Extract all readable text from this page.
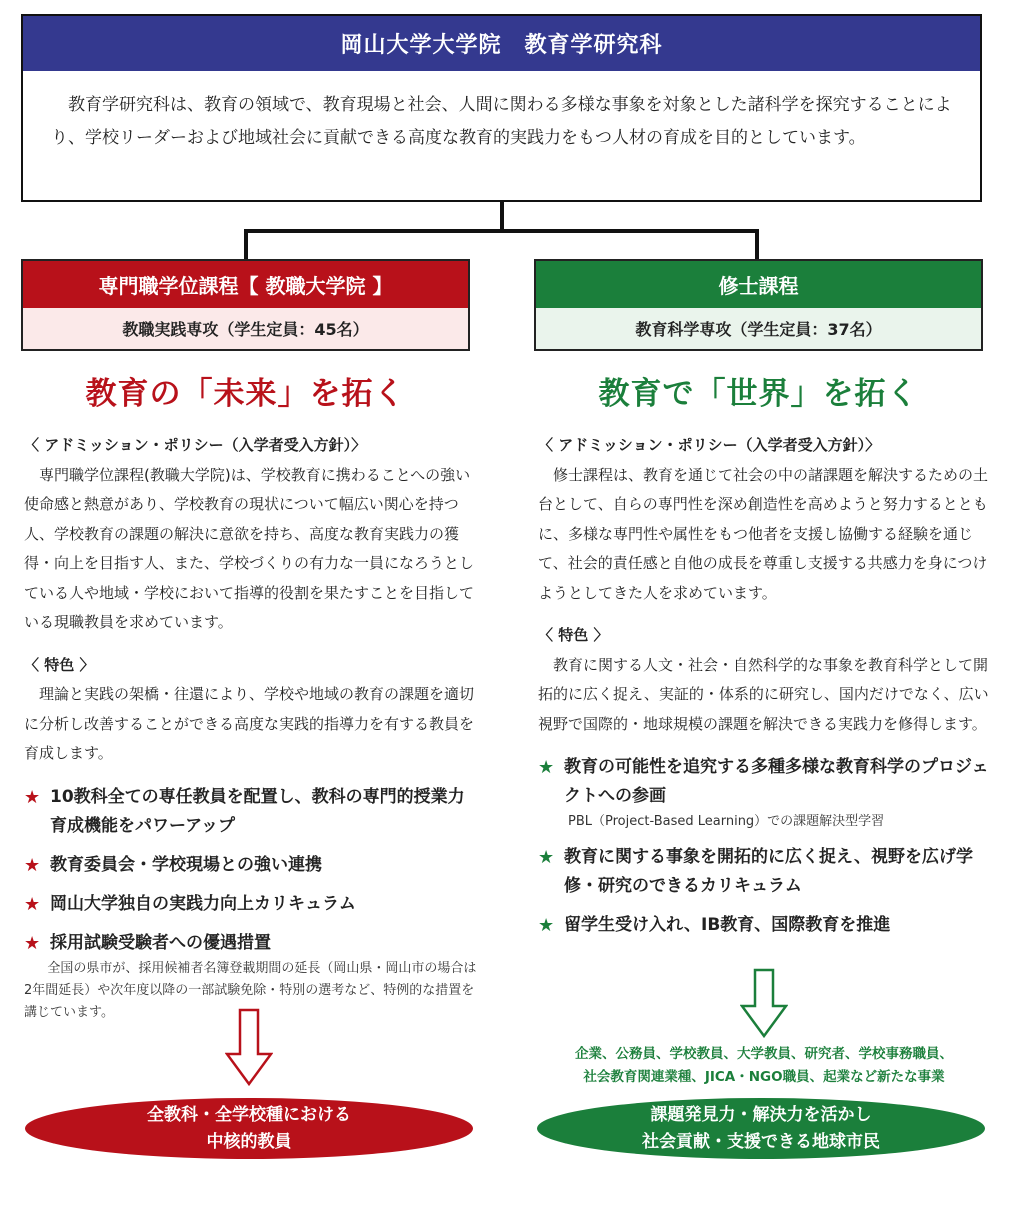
岡山大学大学院　教育学研究科
教育学研究科は、教育の領域で、教育現場と社会、人間に関わる多様な事象を対象とした諸科学を探究することにより、学校リーダーおよび地域社会に貢献できる高度な教育的実践力をもつ人材の育成を目的としています。
専門職学位課程【 教職大学院 】
教職実践専攻（学生定員：45名）
修士課程
教育科学専攻（学生定員：37名）
教育の「未来」を拓く	教育で「世界」を拓く
〈 アドミッション・ポリシー（入学者受入方針）〉
専門職学位課程(教職大学院)は、学校教育に携わることへの強い使命感と熱意があり、学校教育の現状について幅広い関心を持つ人、学校教育の課題の解決に意欲を持ち、高度な教育実践力の獲得・向上を目指す人、また、学校づくりの有力な一員になろうとしている人や地域・学校において指導的役割を果たすことを目指している現職教員を求めています。
〈 特色 〉
理論と実践の架橋・往還により、学校や地域の教育の課題を適切に分析し改善することができる高度な実践的指導力を有する教員を育成します。
★ 10教科全ての専任教員を配置し、教科の専門的授業力育成機能をパワーアップ
★ 教育委員会・学校現場との強い連携
★ 岡山大学独自の実践力向上カリキュラム
★ 採用試験受験者への優遇措置
全国の県市が、採用候補者名簿登載期間の延長（岡山県・岡山市の場合は2年間延長）や次年度以降の一部試験免除・特別の選考など、特例的な措置を講じています。
〈 アドミッション・ポリシー（入学者受入方針）〉
修士課程は、教育を通じて社会の中の諸課題を解決するための土台として、自らの専門性を深め創造性を高めようと努力するとともに、多様な専門性や属性をもつ他者を支援し協働する経験を通じて、社会的責任感と自他の成長を尊重し支援する共感力を身につけようとしてきた人を求めています。
〈 特色 〉
教育に関する人文・社会・自然科学的な事象を教育科学として開拓的に広く捉え、実証的・体系的に研究し、国内だけでなく、広い視野で国際的・地球規模の課題を解決できる実践力を修得します。
★ 教育の可能性を追究する多種多様な教育科学のプロジェクトへの参画
PBL（Project-Based Learning）での課題解決型学習
★ 教育に関する事象を開拓的に広く捉え、視野を広げ学修・研究のできるカリキュラム
★ 留学生受け入れ、IB教育、国際教育を推進
企業、公務員、学校教員、大学教員、研究者、学校事務職員、
社会教育関連業種、JICA・NGO職員、起業など新たな事業
全教科・全学校種における
中核的教員
課題発見力・解決力を活かし
社会貢献・支援できる地球市民
